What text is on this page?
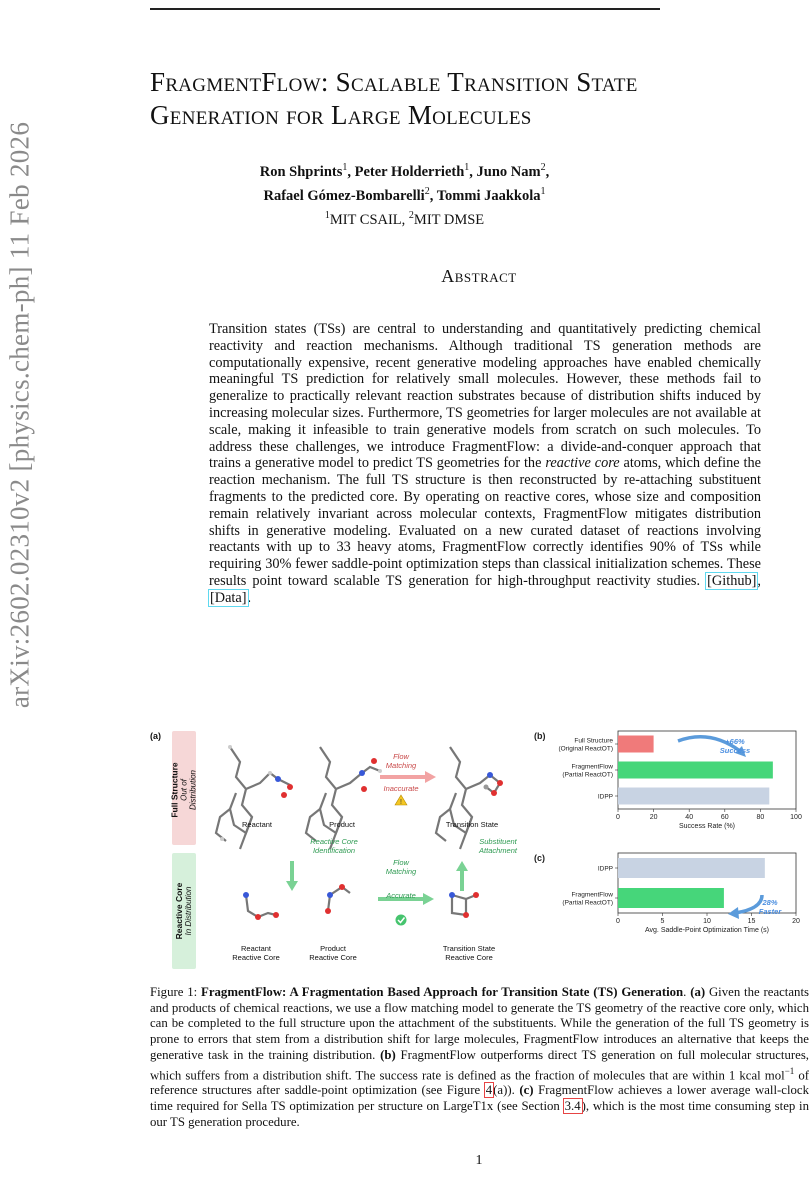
arXiv:2602.02310v2 [physics.chem-ph] 11 Feb 2026
FragmentFlow: Scalable Transition State
Generation for Large Molecules
Ron Shprints$^1$, Peter Holderrieth$^1$, Juno Nam$^2$,
Rafael Gómez-Bombarelli$^2$, Tommi Jaakkola$^1$
$^1$MIT CSAIL, $^2$MIT DMSE
Abstract
Transition states (TSs) are central to understanding and quantitatively predicting chemical reactivity and reaction mechanisms. Although traditional TS generation methods are computationally expensive, recent generative modeling approaches have enabled chemically meaningful TS prediction for relatively small molecules. However, these methods fail to generalize to practically relevant reaction substrates because of distribution shifts induced by increasing molecular sizes. Furthermore, TS geometries for larger molecules are not available at scale, making it infeasible to train generative models from scratch on such molecules. To address these challenges, we introduce FragmentFlow: a divide-and-conquer approach that trains a generative model to predict TS geometries for the reactive core atoms, which define the reaction mechanism. The full TS structure is then reconstructed by re-attaching substituent fragments to the predicted core. By operating on reactive cores, whose size and composition remain relatively invariant across molecular contexts, FragmentFlow mitigates distribution shifts in generative modeling. Evaluated on a new curated dataset of reactions involving reactants with up to 33 heavy atoms, FragmentFlow correctly identifies 90% of TSs while requiring 30% fewer saddle-point optimization steps than classical initialization schemes. These results point toward scalable TS generation for high-throughput reactivity studies. [Github], [Data].
(a)
Full Structure Out of Distribution
Reactive Core In Distribution
!
Reactant	Product	Transition State
Flow
Matching
Inaccurate
Reactive Core
Identification
Substituent
Attachment
Flow
Matching
Accurate
Reactant
Reactive Core
Product
Reactive Core
Transition State
Reactive Core
(b)	Full Structure
(Original ReactOT)
FragmentFlow
(Partial ReactOT)
IDPP
0	20	40	60	80	100
Success Rate (%)
(c)
IDPP
FragmentFlow
(Partial ReactOT)
0	5	10	15	20
Avg. Saddle-Point Optimization Time (s)
+66%
Success
28%
Faster
Figure 1: FragmentFlow: A Fragmentation Based Approach for Transition State (TS) Generation. (a) Given the reactants and products of chemical reactions, we use a flow matching model to generate the TS geometry of the reactive core only, which can be completed to the full structure upon the attachment of the substituents. While the generation of the full TS geometry is prone to errors that stem from a distribution shift for large molecules, FragmentFlow introduces an alternative that keeps the generative task in the training distribution. (b) FragmentFlow outperforms direct TS generation on full molecular structures, which suffers from a distribution shift. The success rate is defined as the fraction of molecules that are within 1 kcal mol$^{-1}$ of reference structures after saddle-point optimization (see Figure 4(a)). (c) FragmentFlow achieves a lower average wall-clock time required for Sella TS optimization per structure on LargeT1x (see Section 3.4), which is the most time consuming step in our TS generation procedure.
1
